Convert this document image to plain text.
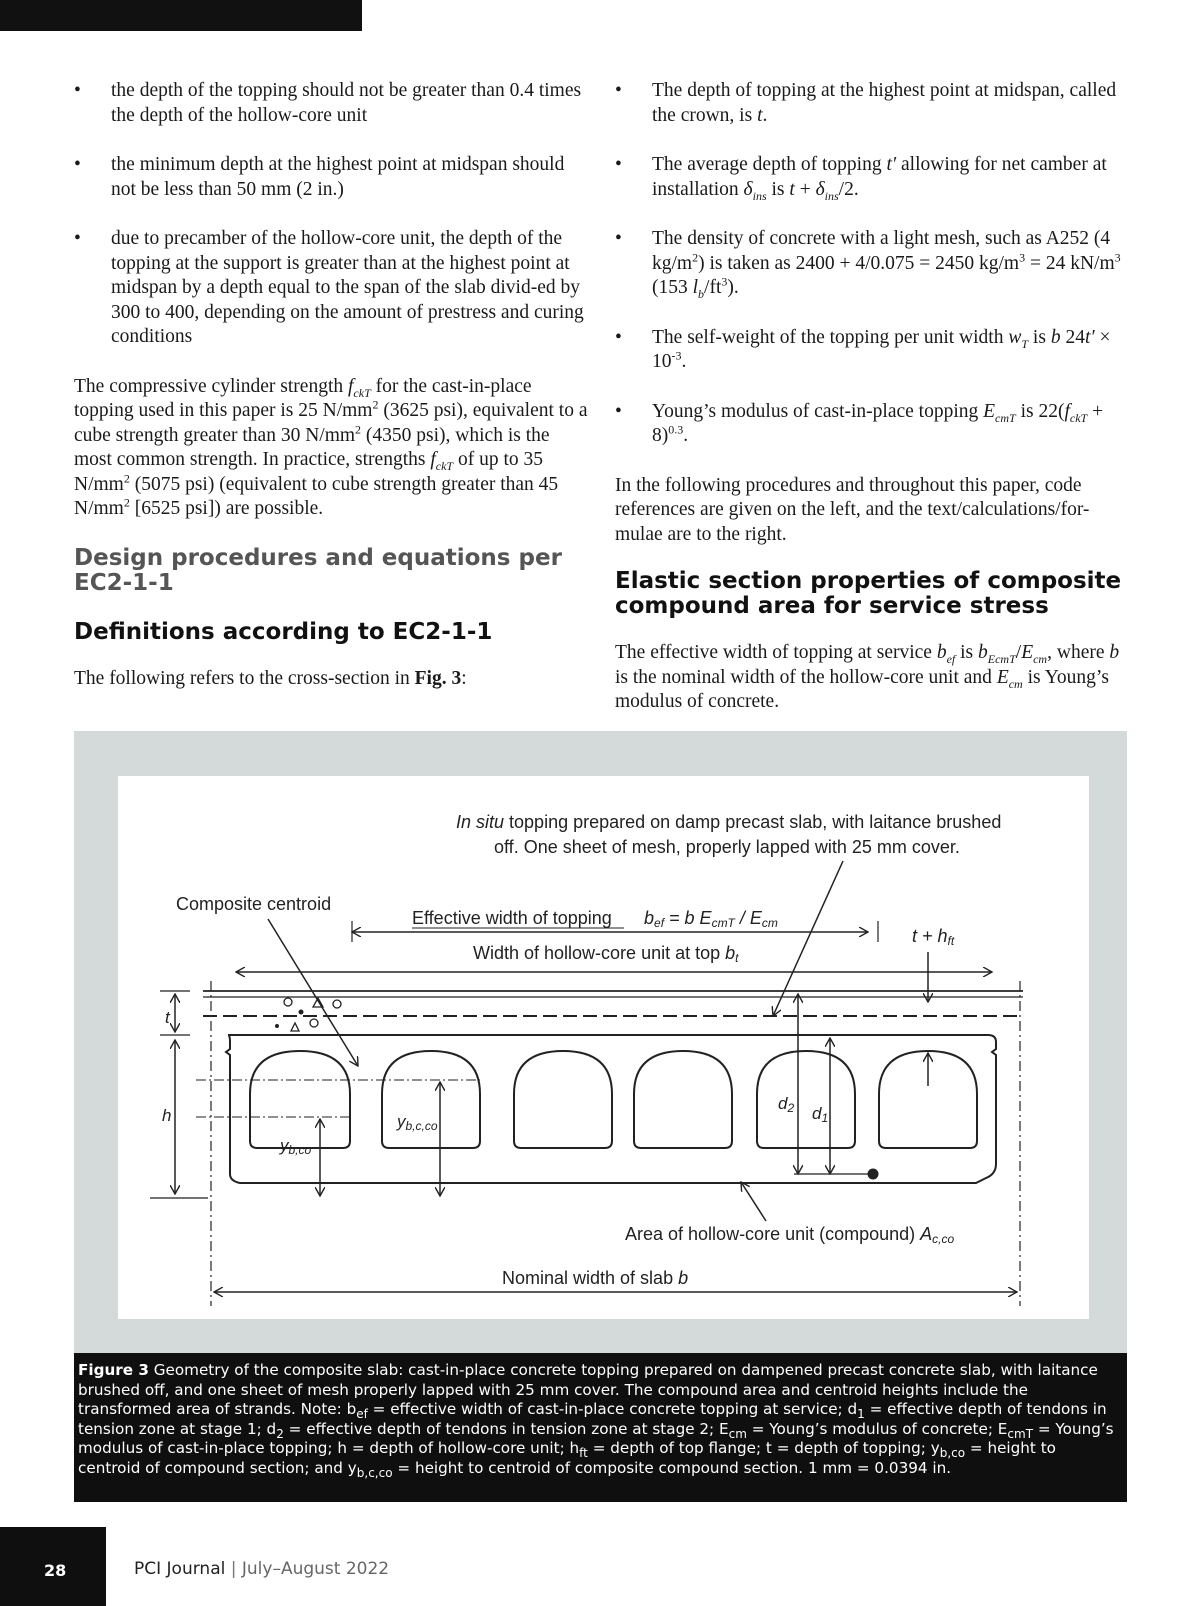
• the depth of the topping should not be greater than 0.4 times the depth of the hollow-core unit
• the minimum depth at the highest point at midspan should not be less than 50 mm (2 in.)
• due to precamber of the hollow-core unit, the depth of the topping at the support is greater than at the highest point at midspan by a depth equal to the span of the slab divid-ed by 300 to 400, depending on the amount of prestress and curing conditions

The compressive cylinder strength $f_{ckT}$ for the cast-in-place topping used in this paper is 25 $N/mm^2$ (3625 psi), equivalent to a cube strength greater than 30 $N/mm^2$ (4350 psi), which is the most common strength. In practice, strengths $f_{ckT}$ of up to 35 $N/mm^2$ (5075 psi) (equivalent to cube strength greater than 45 $N/mm^2$ [6525 psi]) are possible.

Design procedures and equations per EC2-1-1
Definitions according to EC2-1-1

The following refers to the cross-section in Fig. 3:

• The depth of topping at the highest point at midspan, called the crown, is t.
• The average depth of topping t′ allowing for net camber at installation $\delta_{ins}$ is $t + \delta_{ins}/2$.
• The density of concrete with a light mesh, such as A252 (4 $kg/m^2$) is taken as 2400 + 4/0.075 = 2450 $kg/m^3 = 24$ $kN/m^3$ (153 $l_b/ft^3$).
• The self-weight of the topping per unit width $w_T$ is b $24t' \times 10^{-3}$.
• Young’s modulus of cast-in-place topping $E_{cmT}$ is $22(f_{ckT} + 8)^{0.3}$.

In the following procedures and throughout this paper, code references are given on the left, and the text/calculations/for-mulae are to the right.

Elastic section properties of composite compound area for service stress

The effective width of topping at service $b_{ef}$ is $b_{EcmT}/E_{cm}$, where b is the nominal width of the hollow-core unit and $E_{cm}$ is Young’s modulus of concrete.

In situ topping prepared on damp precast slab, with laitance brushed
off. One sheet of mesh, properly lapped with 25 mm cover.
Composite centroid
Effective width of topping bef = b EcmT / Ecm
Width of hollow-core unit at top bt
t + hft
t
h
yb,co
yb,c,co
d2 d1
Area of hollow-core unit (compound) Ac,co
Nominal width of slab b
Figure 3 Geometry of the composite slab: cast-in-place concrete topping prepared on dampened precast concrete slab, with laitance brushed off, and one sheet of mesh properly lapped with 25 mm cover. The compound area and centroid heights include the transformed area of strands. Note: $b_{ef}$ = effective width of cast-in-place concrete topping at service; $d_1$ = effective depth of tendons in tension zone at stage 1; $d_2$ = effective depth of tendons in tension zone at stage 2; $E_{cm}$ = Young’s modulus of concrete; $E_{cmT}$ = Young’s modulus of cast-in-place topping; h = depth of hollow-core unit; $h_{ft}$ = depth of top flange; t = depth of topping; $y_{b,co}$ = height to centroid of compound section; and $y_{b,c,co}$ = height to centroid of composite compound section. 1 mm = 0.0394 in.
28	PCI Journal | July–August 2022
